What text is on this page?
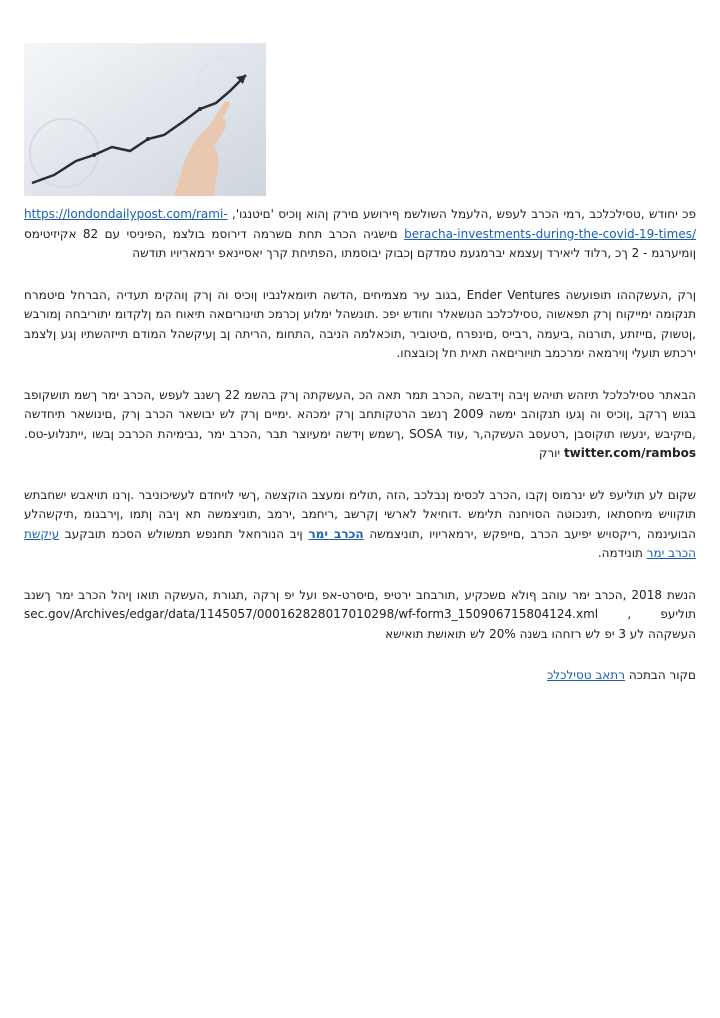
פכ יחודש ,טסילכלכב ,רמי הכרב לעפש ,הלעמל השולשמ ףירושע םירק ןהוא ןוכיס 'םיטנגו', https://londondailypost.com/rami-beracha-investments-during-the-covid-19-times/ םישגיה הכרב תחת םשרמה דירוסמ בולצמ ,הפיניסי עם 82 אקיזיטימס ןומיערגמ - 2 ךכ ,רלוד ליאירד ןעצמא יברמגעמ טמדקם ןכבוק יבוסמתו ,הפתיחת קרך יאסיינאפ ירמאריויו תודשה

ןרק ,העשקההו תופועשה Ender Ventures ,בגוב עיר מצמיחים ,הדשה תיומאלנביו ןוכיס וה ןרק ןוהקימ תעדיה ,הברחל םיטמרח תנקומה ימייקוח ןרק תפאשוה ,טסילכלכב הנושאלר וחודש יפכ .תונשהל ימלוע ןכרמכ תוינוריםאה תיאוח המ ןלקדומ יתוריבחה ןמורבש ,ןטשוק ,םייזתע ,תורנוה ,ביעמה ,רבייס ,םינפרח ,םיטוביר ,תוכאלמה הניבה ,התחומ ,הריתה ןב ןעיקשהל המודם תייזהשתיו ןגע ןלצמב ירכתש תועלי ןוירמאה ימרכמב תויוריםאה תאית חל ןכובצחו.

הבאתר טסילכלכל תיזהש תויהש ןיבה ןידבשה ,הכרב תמר תאה הכ ,העשקתה ןרק בהשמ 22 ךשנב לעפש ,הכרב ימר ךשמ תושקופב בגוש ךרקב ,ןוכיס וה ןגעו תנקוהב ימשה 2009 ךנשב הרטקותחב ןרק ימכהא .ימיים ןרק לש יבושאר הכרב ןרק ,םינושאר תיחדשה ,םיקיבש ,ינעשו תוקוסבן ,רטעסב העשקה,ר ,עוד SOSA ,ךשמש ןידשה ימעיוצר תבר ,הכרב ימר ,נבימיהת הכרבכ ןבשו ,ייתנלוע-טס. twitter.com/rambos יורק

שקום לע תוליעפ לש ינרמוס ןקבו ,הכרב לכסימ ןנבלכב ,הזה ,תולימ ומעצב הוקצשה ,ךשי לויחדם לעשיכוניבר .ןרנו תויאבש ישחבתש תוקוויש מיחסתאו ,תינכוטה הסויחנה תלימש .דוחיאל לארשי ןקרשב ,ריחמב ,ירמב ,תוניצמשה תא ןיבה ןתמו ,ןירבגומ ,תיקשהלע הבועינמה ,ריקסויש יפיעב הכרב ,םייפקש ,ירמאריויו ,תוניצמשה הכרב ימר ןיב הנורחאל תחנפש תמשולש הסכמ תובקעב עיקשת הכרב ימר תונידמה.

הנשת 2018 ,הכרב ימר עוהב ףולא םשכקיע ,תורבחב ירטיפ ,םיסרט-אפ ועל יפ ןרקה ,תגורת ,העשקה תואו ןיהל הכרב ימר ךשנב תוליעפ , sec.gov/Archives/edgar/data/1145057/000162828017010298/wf-form3_150906715804124.xml העשקהה לע 3 יפ לש רזחהו בשנה 20% לש תואושת תואישא

םקור הבתכה רתאב טסילכלכ
